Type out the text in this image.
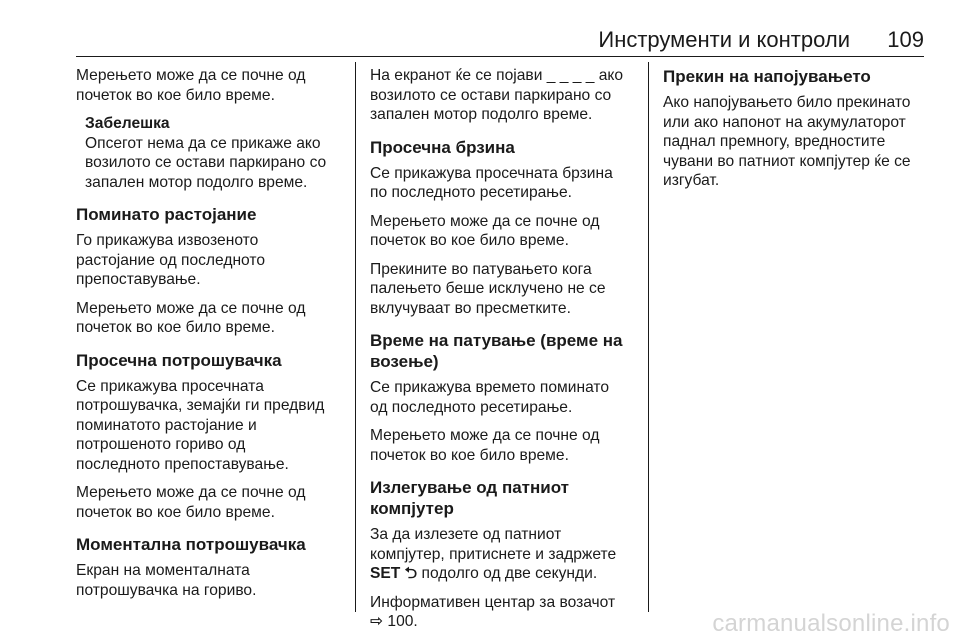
Инструменти и контроли 109

Мерењето може да се почне од
почеток во кое било време.

Забелешка
Опсегот нема да се прикаже ако
возилото се остави паркирано со
запален мотор подолго време.
Поминато растојание

Го прикажува извозеното
растојание од последното
препоставување.

Мерењето може да се почне од
почеток во кое било време.

Просечна потрошувачка

Се прикажува просечната
потрошувачка, земајќи ги предвид
поминатото растојание и
потрошеното гориво од
последното препоставување.

Мерењето може да се почне од
почеток во кое било време.

Моментална потрошувачка

Екран на моменталната
потрошувачка на гориво.

На екранот ќе се појави _ _ _ _ ако
возилото се остави паркирано со
запален мотор подолго време.

Просечна брзина

Се прикажува просечната брзина
по последното ресетирање.

Мерењето може да се почне од
почеток во кое било време.

Прекините во патувањето кога
палењето беше исклучено не се
вклучуваат во пресметките.

Време на патување (време на
возење)

Се прикажува времето поминато
од последното ресетирање.

Мерењето може да се почне од
почеток во кое било време.

Излегување од патниот
компјутер

За да излезете од патниот
компјутер, притиснете и задржете
SET ⮌ подолго од две секунди.

Информативен центар за возачот
⇨ 100.

Прекин на напојувањето

Ако напојувањето било прекинато
или ако напонот на акумулаторот
паднал премногу, вредностите
чувани во патниот компјутер ќе се
изгубат.

carmanualsonline.info
